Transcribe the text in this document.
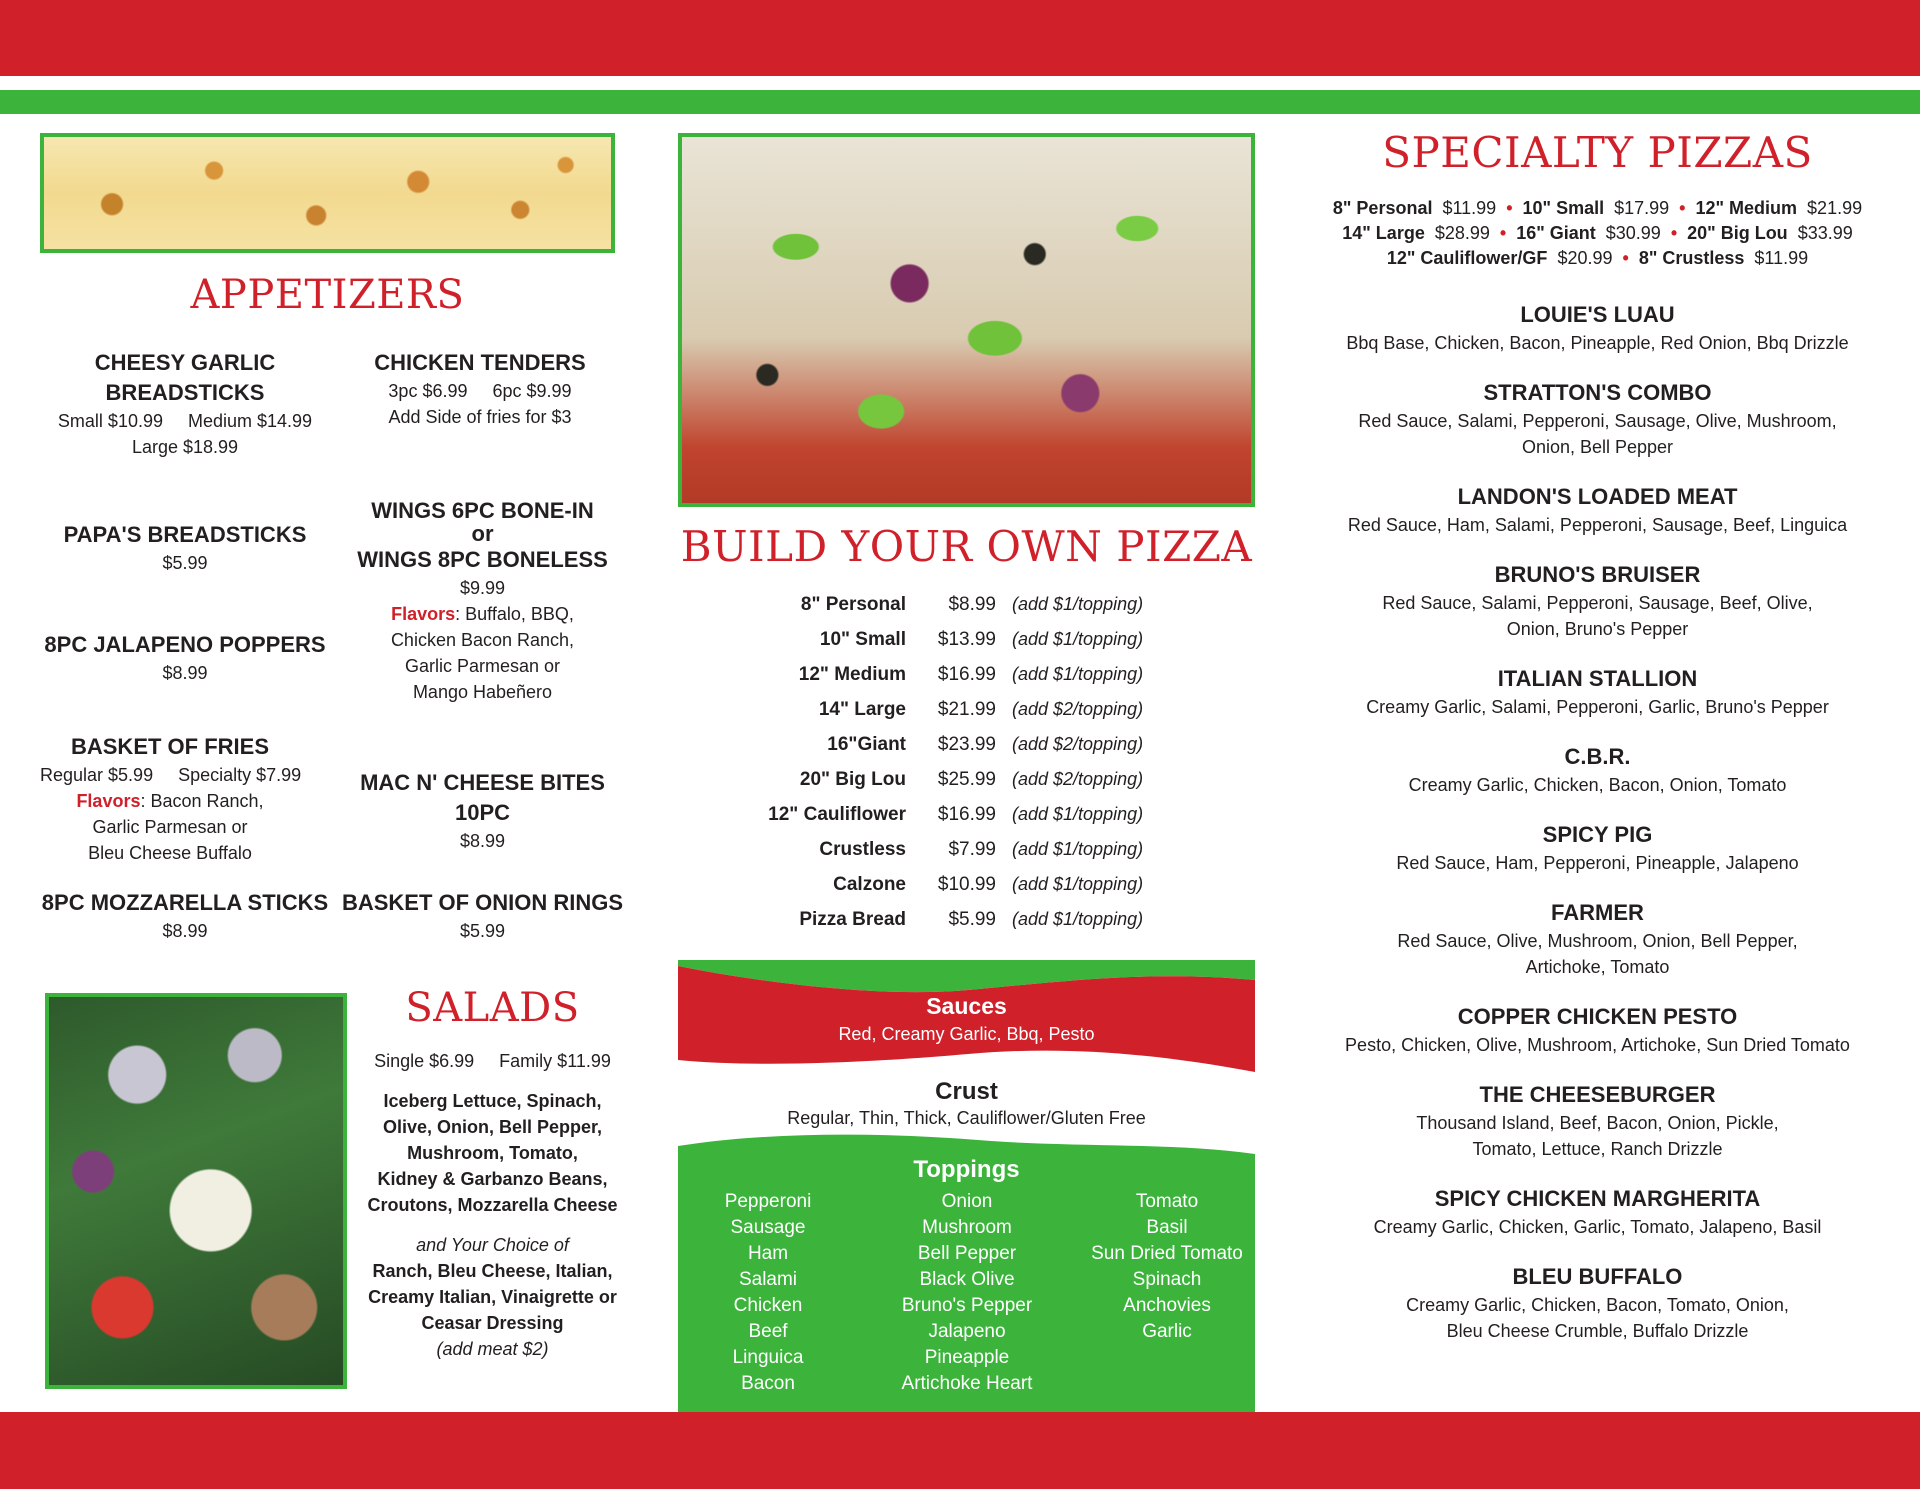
APPETIZERS
CHEESY GARLIC
BREADSTICKS
Small $10.99     Medium $14.99
Large $18.99
CHICKEN TENDERS
3pc $6.99     6pc $9.99
Add Side of fries for $3
PAPA'S BREADSTICKS
$5.99
WINGS 6PC BONE-IN
or
WINGS 8PC BONELESS
$9.99
Flavors: Buffalo, BBQ,
Chicken Bacon Ranch,
Garlic Parmesan or
Mango Habeñero
8PC JALAPENO POPPERS
$8.99
BASKET OF FRIES
Regular $5.99     Specialty $7.99
Flavors: Bacon Ranch,
Garlic Parmesan or
Bleu Cheese Buffalo
MAC N' CHEESE BITES 10PC
$8.99
8PC MOZZARELLA STICKS
$8.99
BASKET OF ONION RINGS
$5.99
SALADS
Single $6.99     Family $11.99
Iceberg Lettuce, Spinach,
Olive, Onion, Bell Pepper,
Mushroom, Tomato,
Kidney & Garbanzo Beans,
Croutons, Mozzarella Cheese
and Your Choice of
Ranch, Bleu Cheese, Italian,
Creamy Italian, Vinaigrette or
Ceasar Dressing
(add meat $2)
BUILD YOUR OWN PIZZA
8" Personal $8.99 (add $1/topping)
10" Small $13.99 (add $1/topping)
12" Medium $16.99 (add $1/topping)
14" Large $21.99 (add $2/topping)
16"Giant $23.99 (add $2/topping)
20" Big Lou $25.99 (add $2/topping)
12" Cauliflower $16.99 (add $1/topping)
Crustless $7.99 (add $1/topping)
Calzone $10.99 (add $1/topping)
Pizza Bread $5.99 (add $1/topping)
Sauces
Red, Creamy Garlic, Bbq, Pesto
Crust
Regular, Thin, Thick, Cauliflower/Gluten Free
Toppings
Pepperoni
Sausage
Ham
Salami
Chicken
Beef
Linguica
Bacon
Onion
Mushroom
Bell Pepper
Black Olive
Bruno's Pepper
Jalapeno
Pineapple
Artichoke Heart
Tomato
Basil
Sun Dried Tomato
Spinach
Anchovies
Garlic
SPECIALTY PIZZAS
8" Personal  $11.99  •  10" Small  $17.99  •  12" Medium  $21.99
14" Large  $28.99  •  16" Giant  $30.99  •  20" Big Lou  $33.99
12" Cauliflower/GF  $20.99  •  8" Crustless  $11.99
LOUIE'S LUAU
Bbq Base, Chicken, Bacon, Pineapple, Red Onion, Bbq Drizzle
STRATTON'S COMBO
Red Sauce, Salami, Pepperoni, Sausage, Olive, Mushroom,
Onion, Bell Pepper
LANDON'S LOADED MEAT
Red Sauce, Ham, Salami, Pepperoni, Sausage, Beef, Linguica
BRUNO'S BRUISER
Red Sauce, Salami, Pepperoni, Sausage, Beef, Olive,
Onion, Bruno's Pepper
ITALIAN STALLION
Creamy Garlic, Salami, Pepperoni, Garlic, Bruno's Pepper
C.B.R.
Creamy Garlic, Chicken, Bacon, Onion, Tomato
SPICY PIG
Red Sauce, Ham, Pepperoni, Pineapple, Jalapeno
FARMER
Red Sauce, Olive, Mushroom, Onion, Bell Pepper,
Artichoke, Tomato
COPPER CHICKEN PESTO
Pesto, Chicken, Olive, Mushroom, Artichoke, Sun Dried Tomato
THE CHEESEBURGER
Thousand Island, Beef, Bacon, Onion, Pickle,
Tomato, Lettuce, Ranch Drizzle
SPICY CHICKEN MARGHERITA
Creamy Garlic, Chicken, Garlic, Tomato, Jalapeno, Basil
BLEU BUFFALO
Creamy Garlic, Chicken, Bacon, Tomato, Onion,
Bleu Cheese Crumble, Buffalo Drizzle
